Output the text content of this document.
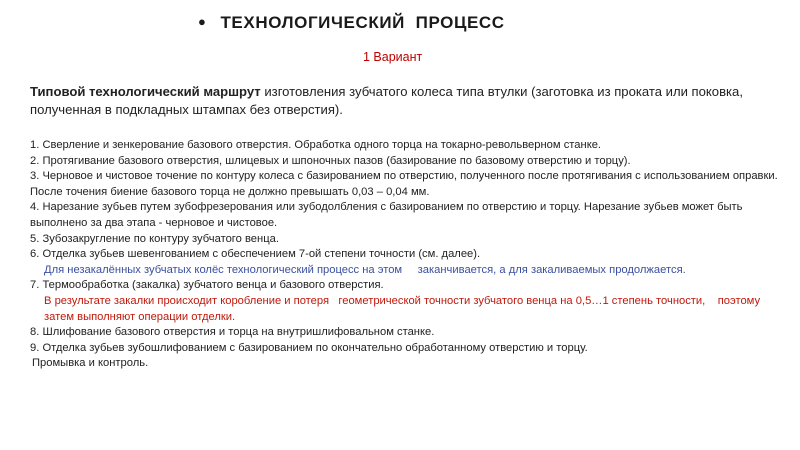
● ТЕХНОЛОГИЧЕСКИЙ  ПРОЦЕСС
1 Вариант
Типовой технологический маршрут изготовления зубчатого колеса типа втулки (заготовка из проката или поковка, полученная в подкладных штампах без отверстия).

1. Сверление и зенкерование базового отверстия. Обработка одного торца на токарно-револьверном станке.

2. Протягивание базового отверстия, шлицевых и шпоночных пазов (базирование по базовому отверстию и торцу).

3. Черновое и чистовое точение по контуру колеса с базированием по отверстию, полученного после протягивания с использованием оправки. После точения биение базового торца не должно превышать 0,03 – 0,04 мм.

4. Нарезание зубьев путем зубофрезерования или зубодолбления с базированием по отверстию и торцу. Нарезание зубьев может быть выполнено за два этапа - черновое и чистовое.

5. Зубозакругление по контуру зубчатого венца.

6. Отделка зубьев шевенгованием с обеспечением 7-ой степени точности (см. далее).

Для незакалённых зубчатых колёс технологический процесс на этом     заканчивается, а для закаливаемых продолжается.

7. Термообработка (закалка) зубчатого венца и базового отверстия.

В результате закалки происходит коробление и потеря   геометрической точности зубчатого венца на 0,5…1 степень точности,    поэтому  затем выполняют операции отделки.

8. Шлифование базового отверстия и торца на внутришлифовальном станке.

9. Отделка зубьев зубошлифованием с базированием по окончательно обработанному отверстию и торцу.

Промывка и контроль.
